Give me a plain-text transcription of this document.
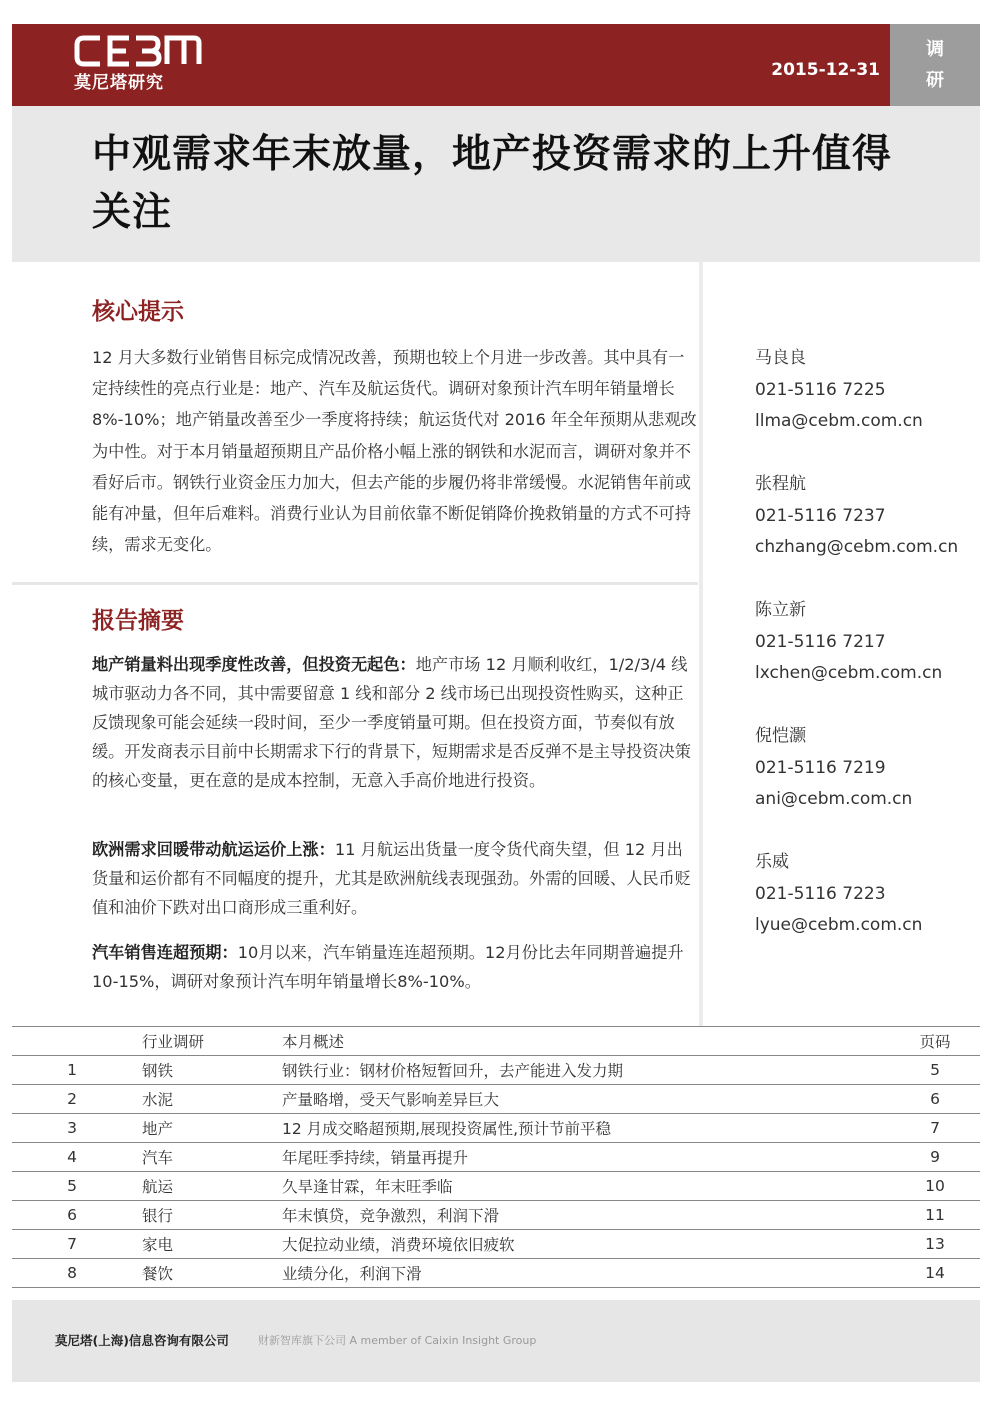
莫尼塔研究
2015-12-31
调
研
中观需求年末放量，地产投资需求的上升值得关注
核心提示
12 月大多数行业销售目标完成情况改善，预期也较上个月进一步改善。其中具有一定持续性的亮点行业是：地产、汽车及航运货代。调研对象预计汽车明年销量增长 8%-10%；地产销量改善至少一季度将持续；航运货代对 2016 年全年预期从悲观改为中性。对于本月销量超预期且产品价格小幅上涨的钢铁和水泥而言，调研对象并不看好后市。钢铁行业资金压力加大，但去产能的步履仍将非常缓慢。水泥销售年前或能有冲量，但年后难料。消费行业认为目前依靠不断促销降价挽救销量的方式不可持续，需求无变化。
报告摘要
地产销量料出现季度性改善，但投资无起色：地产市场 12 月顺利收红，1/2/3/4 线城市驱动力各不同，其中需要留意 1 线和部分 2 线市场已出现投资性购买，这种正反馈现象可能会延续一段时间，至少一季度销量可期。但在投资方面，节奏似有放缓。开发商表示目前中长期需求下行的背景下，短期需求是否反弹不是主导投资决策的核心变量，更在意的是成本控制，无意入手高价地进行投资。
欧洲需求回暖带动航运运价上涨：11 月航运出货量一度令货代商失望，但 12 月出货量和运价都有不同幅度的提升，尤其是欧洲航线表现强劲。外需的回暖、人民币贬值和油价下跌对出口商形成三重利好。
汽车销售连超预期：10月以来，汽车销量连连超预期。12月份比去年同期普遍提升10-15%，调研对象预计汽车明年销量增长8%-10%。
马良良
021-5116 7225
llma@cebm.com.cn
张程航
021-5116 7237
chzhang@cebm.com.cn
陈立新
021-5116 7217
lxchen@cebm.com.cn
倪恺灏
021-5116 7219
ani@cebm.com.cn
乐威
021-5116 7223
lyue@cebm.com.cn
	行业调研	本月概述	页码
1	钢铁	钢铁行业：钢材价格短暂回升，去产能进入发力期	5
2	水泥	产量略增，受天气影响差异巨大	6
3	地产	12 月成交略超预期,展现投资属性,预计节前平稳	7
4	汽车	年尾旺季持续，销量再提升	9
5	航运	久旱逢甘霖，年末旺季临	10
6	银行	年末慎贷，竞争激烈，利润下滑	11
7	家电	大促拉动业绩，消费环境依旧疲软	13
8	餐饮	业绩分化，利润下滑	14
莫尼塔(上海)信息咨询有限公司	财新智库旗下公司 A member of Caixin Insight Group
